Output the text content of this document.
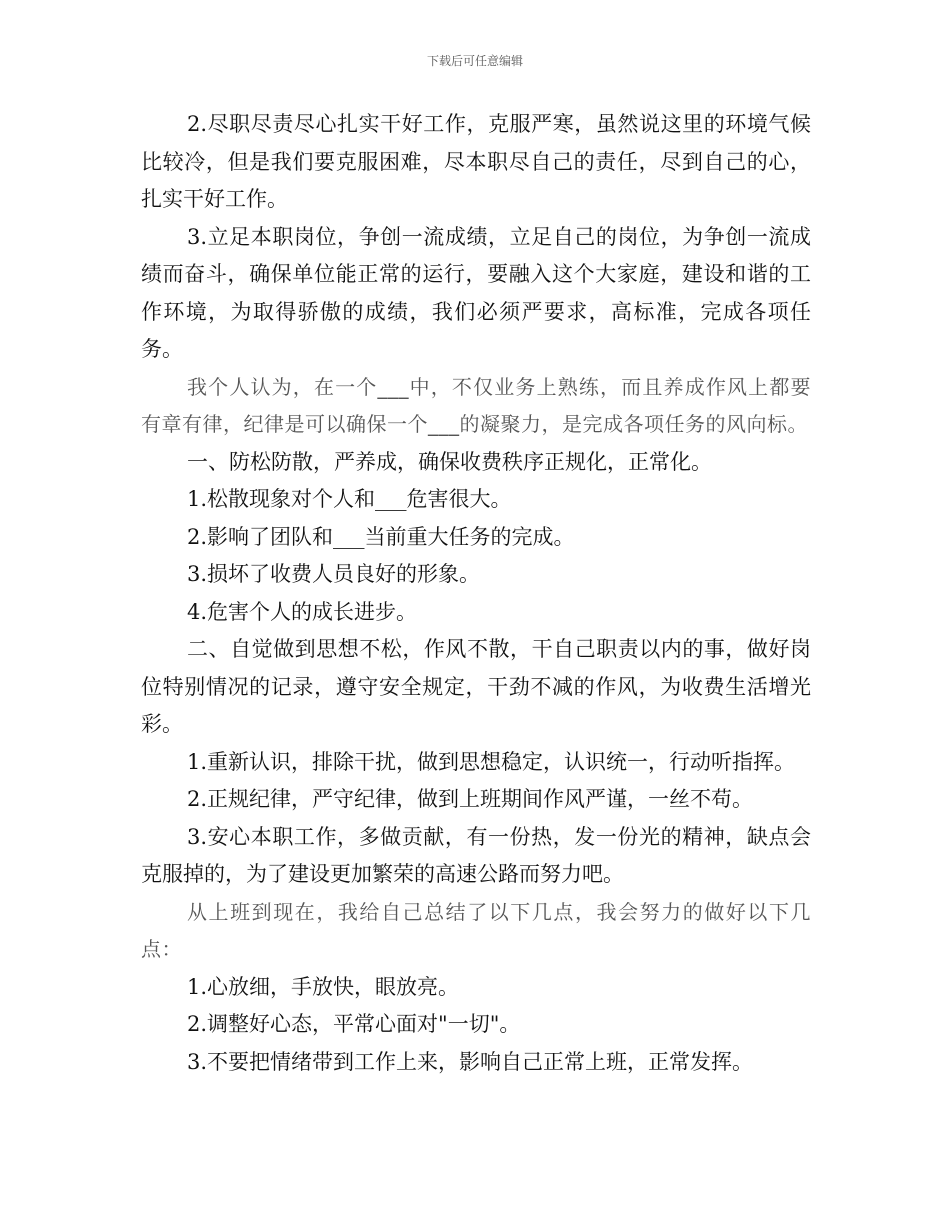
下载后可任意编辑

2.尽职尽责尽心扎实干好工作，克服严寒，虽然说这里的环境气候比较冷，但是我们要克服困难，尽本职尽自己的责任，尽到自己的心，扎实干好工作。

3.立足本职岗位，争创一流成绩，立足自己的岗位，为争创一流成绩而奋斗，确保单位能正常的运行，要融入这个大家庭，建设和谐的工作环境，为取得骄傲的成绩，我们必须严要求，高标准，完成各项任务。

我个人认为，在一个___中，不仅业务上熟练，而且养成作风上都要有章有律，纪律是可以确保一个___的凝聚力，是完成各项任务的风向标。

一、防松防散，严养成，确保收费秩序正规化，正常化。

1.松散现象对个人和___危害很大。

2.影响了团队和___当前重大任务的完成。

3.损坏了收费人员良好的形象。

4.危害个人的成长进步。

二、自觉做到思想不松，作风不散，干自己职责以内的事，做好岗位特别情况的记录，遵守安全规定，干劲不减的作风，为收费生活增光彩。

1.重新认识，排除干扰，做到思想稳定，认识统一，行动听指挥。

2.正规纪律，严守纪律，做到上班期间作风严谨，一丝不苟。

3.安心本职工作，多做贡献，有一份热，发一份光的精神，缺点会克服掉的，为了建设更加繁荣的高速公路而努力吧。

从上班到现在，我给自己总结了以下几点，我会努力的做好以下几点：

1.心放细，手放快，眼放亮。

2.调整好心态，平常心面对"一切"。

3.不要把情绪带到工作上来，影响自己正常上班，正常发挥。
